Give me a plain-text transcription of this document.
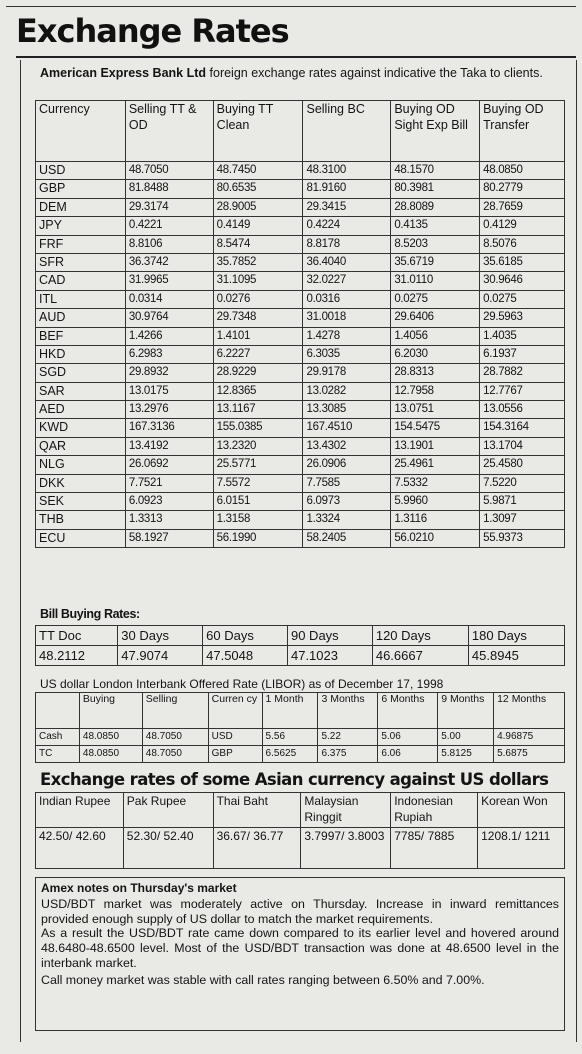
Exchange Rates
American Express Bank Ltd foreign exchange rates against indicative the Taka to clients.
Currency	Selling TT & OD	Buying TT Clean	Selling BC	Buying OD Sight Exp Bill	Buying OD Transfer
USD	48.7050	48.7450	48.3100	48.1570	48.0850
GBP	81.8488	80.6535	81.9160	80.3981	80.2779
DEM	29.3174	28.9005	29.3415	28.8089	28.7659
JPY	0.4221	0.4149	0.4224	0.4135	0.4129
FRF	8.8106	8.5474	8.8178	8.5203	8.5076
SFR	36.3742	35.7852	36.4040	35.6719	35.6185
CAD	31.9965	31.1095	32.0227	31.0110	30.9646
ITL	0.0314	0.0276	0.0316	0.0275	0.0275
AUD	30.9764	29.7348	31.0018	29.6406	29.5963
BEF	1.4266	1.4101	1.4278	1.4056	1.4035
HKD	6.2983	6.2227	6.3035	6.2030	6.1937
SGD	29.8932	28.9229	29.9178	28.8313	28.7882
SAR	13.0175	12.8365	13.0282	12.7958	12.7767
AED	13.2976	13.1167	13.3085	13.0751	13.0556
KWD	167.3136	155.0385	167.4510	154.5475	154.3164
QAR	13.4192	13.2320	13.4302	13.1901	13.1704
NLG	26.0692	25.5771	26.0906	25.4961	25.4580
DKK	7.7521	7.5572	7.7585	7.5332	7.5220
SEK	6.0923	6.0151	6.0973	5.9960	5.9871
THB	1.3313	1.3158	1.3324	1.3116	1.3097
ECU	58.1927	56.1990	58.2405	56.0210	55.9373
Bill Buying Rates:
TT Doc	30 Days	60 Days	90 Days	120 Days	180 Days
48.2112	47.9074	47.5048	47.1023	46.6667	45.8945
US dollar London Interbank Offered Rate (LIBOR) as of December 17, 1998
	Buying	Selling	Curren cy	1 Month	3 Months	6 Months	9 Months	12 Months
Cash	48.0850	48.7050	USD	5.56	5.22	5.06	5.00	4.96875
TC	48.0850	48.7050	GBP	6.5625	6.375	6.06	5.8125	5.6875
Exchange rates of some Asian currency against US dollars
Indian Rupee	Pak Rupee	Thai Baht	Malaysian Ringgit	Indonesian Rupiah	Korean Won
42.50/ 42.60	52.30/ 52.40	36.67/ 36.77	3.7997/ 3.8003	7785/ 7885	1208.1/ 1211
Amex notes on Thursday's market

USD/BDT market was moderately active on Thursday. Increase in inward remittances provided enough supply of US dollar to match the market requirements.

As a result the USD/BDT rate came down compared to its earlier level and hovered around 48.6480-48.6500 level. Most of the USD/BDT transaction was done at 48.6500 level in the interbank market.

Call money market was stable with call rates ranging between 6.50% and 7.00%.
